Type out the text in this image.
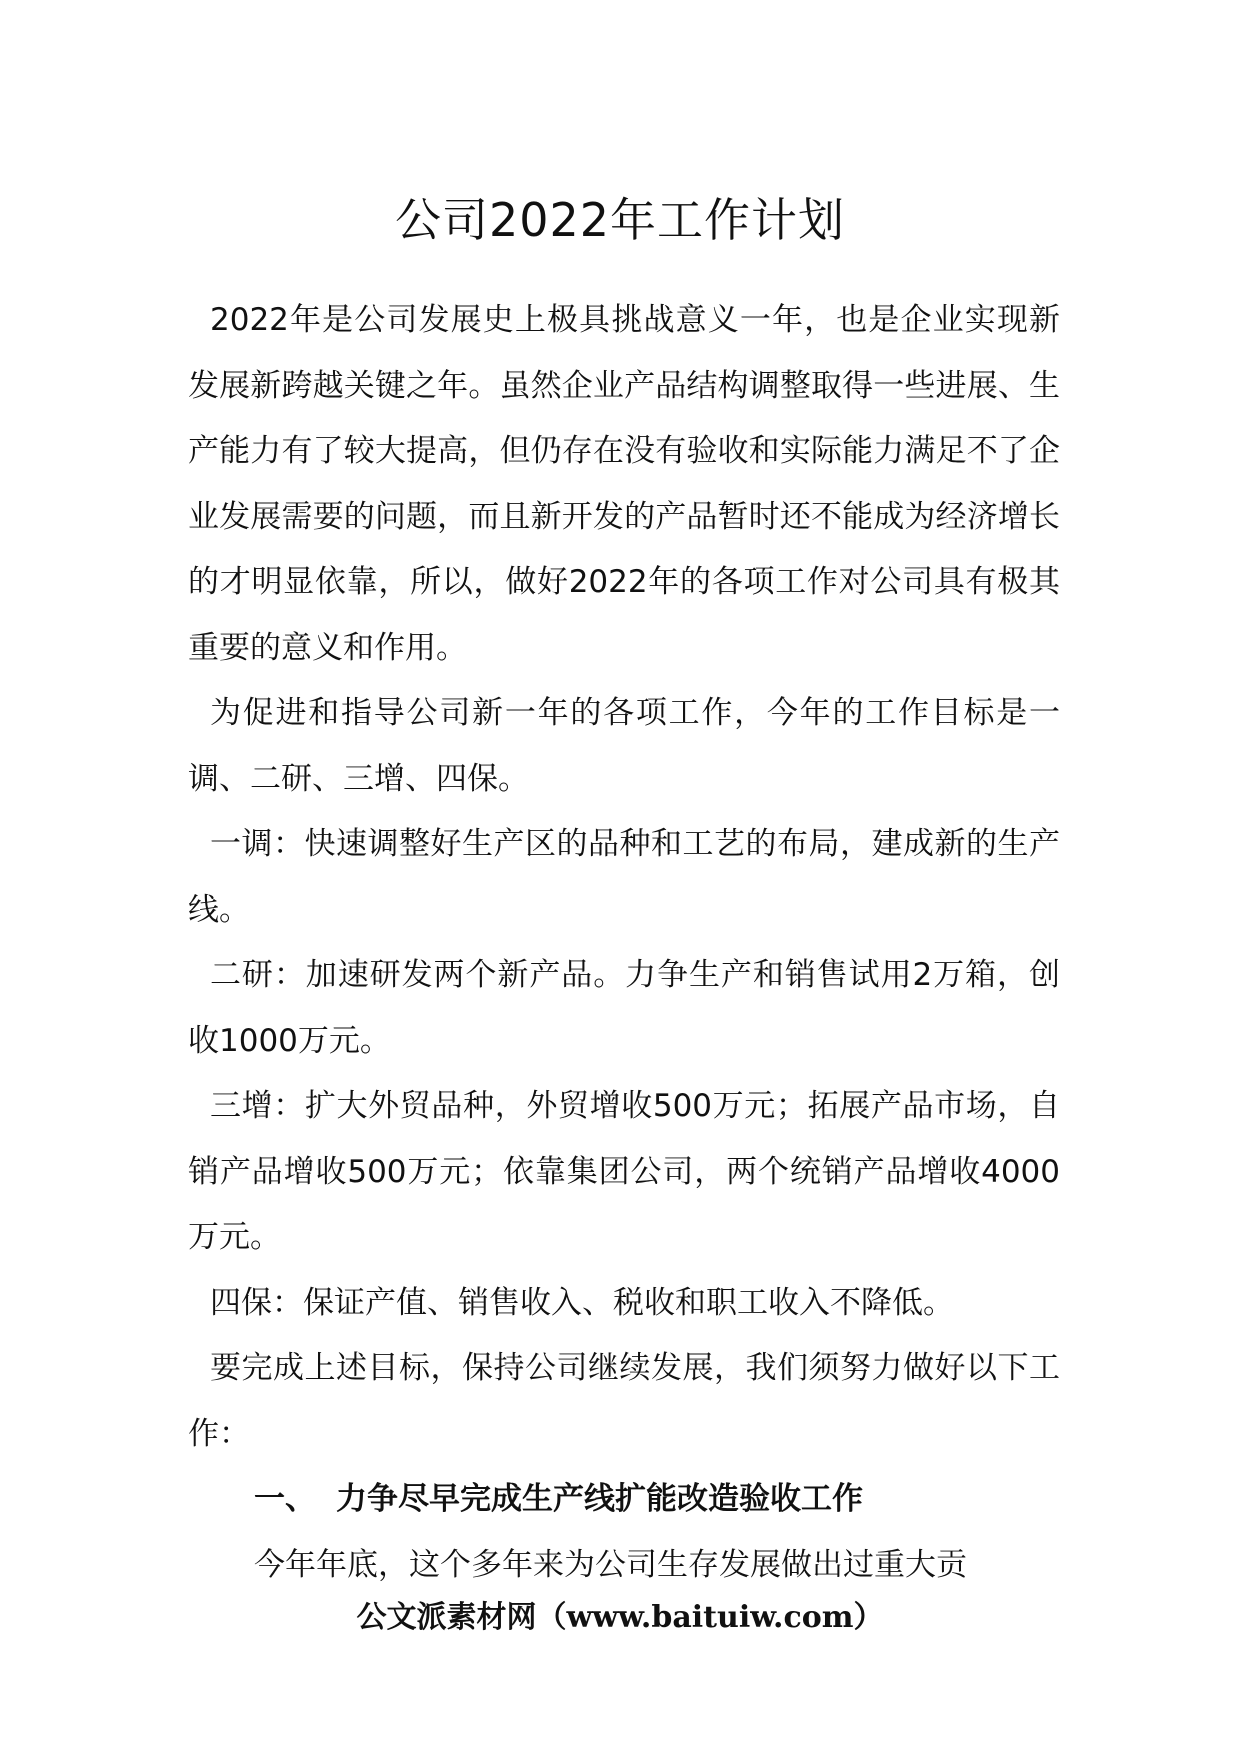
公司2022年工作计划

2022年是公司发展史上极具挑战意义一年，也是企业实现新发展新跨越关键之年。虽然企业产品结构调整取得一些进展、生产能力有了较大提高，但仍存在没有验收和实际能力满足不了企业发展需要的问题，而且新开发的产品暂时还不能成为经济增长的才明显依靠，所以，做好2022年的各项工作对公司具有极其重要的意义和作用。

为促进和指导公司新一年的各项工作，今年的工作目标是一调、二研、三增、四保。

一调：快速调整好生产区的品种和工艺的布局，建成新的生产线。

二研：加速研发两个新产品。力争生产和销售试用2万箱，创收1000万元。

三增：扩大外贸品种，外贸增收500万元；拓展产品市场，自销产品增收500万元；依靠集团公司，两个统销产品增收4000万元。

四保：保证产值、销售收入、税收和职工收入不降低。

要完成上述目标，保持公司继续发展，我们须努力做好以下工作：

一、 力争尽早完成生产线扩能改造验收工作

今年年底，这个多年来为公司生存发展做出过重大贡

公文派素材网（www.baituiw.com）
